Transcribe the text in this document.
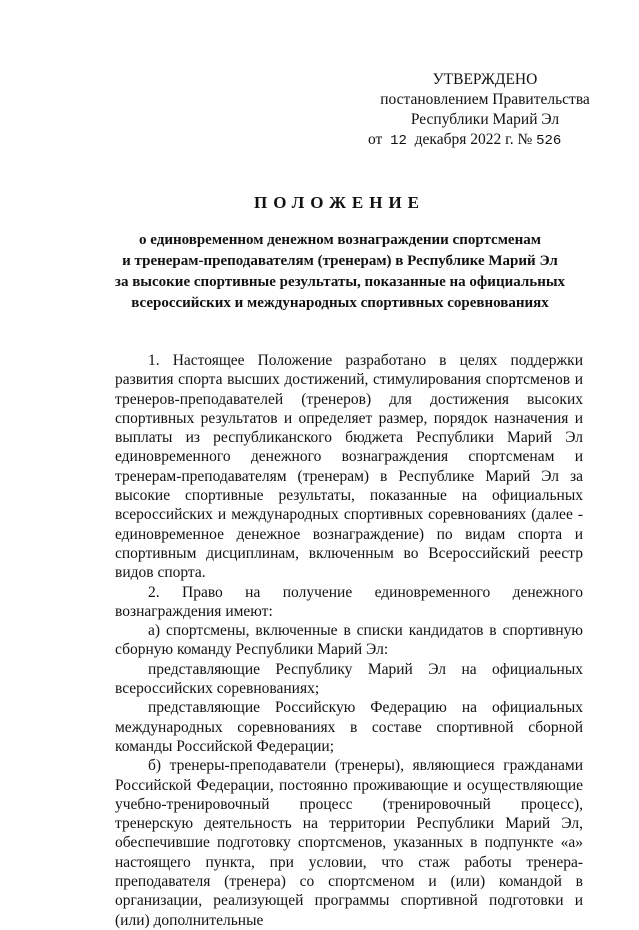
УТВЕРЖДЕНО
постановлением Правительства
Республики Марий Эл
от 12 декабря 2022 г. № 526
ПОЛОЖЕНИЕ
о единовременном денежном вознаграждении спортсменам
и тренерам-преподавателям (тренерам) в Республике Марий Эл
за высокие спортивные результаты, показанные на официальных
всероссийских и международных спортивных соревнованиях

1. Настоящее Положение разработано в целях поддержки развития спорта высших достижений, стимулирования спортсменов и тренеров-преподавателей (тренеров) для достижения высоких спортивных результатов и определяет размер, порядок назначения и выплаты из республиканского бюджета Республики Марий Эл единовременного денежного вознаграждения спортсменам и тренерам-преподавателям (тренерам) в Республике Марий Эл за высокие спортивные результаты, показанные на официальных всероссийских и международных спортивных соревнованиях (далее - единовременное денежное вознаграждение) по видам спорта и спортивным дисциплинам, включенным во Всероссийский реестр видов спорта.

2. Право на получение единовременного денежного вознаграждения имеют:

а) спортсмены, включенные в списки кандидатов в спортивную сборную команду Республики Марий Эл:

представляющие Республику Марий Эл на официальных всероссийских соревнованиях;

представляющие Российскую Федерацию на официальных международных соревнованиях в составе спортивной сборной команды Российской Федерации;

б) тренеры-преподаватели (тренеры), являющиеся гражданами Российской Федерации, постоянно проживающие и осуществляющие учебно-тренировочный процесс (тренировочный процесс), тренерскую деятельность на территории Республики Марий Эл, обеспечившие подготовку спортсменов, указанных в подпункте «а» настоящего пункта, при условии, что стаж работы тренера-преподавателя (тренера) со спортсменом и (или) командой в организации, реализующей программы спортивной подготовки и (или) дополнительные
